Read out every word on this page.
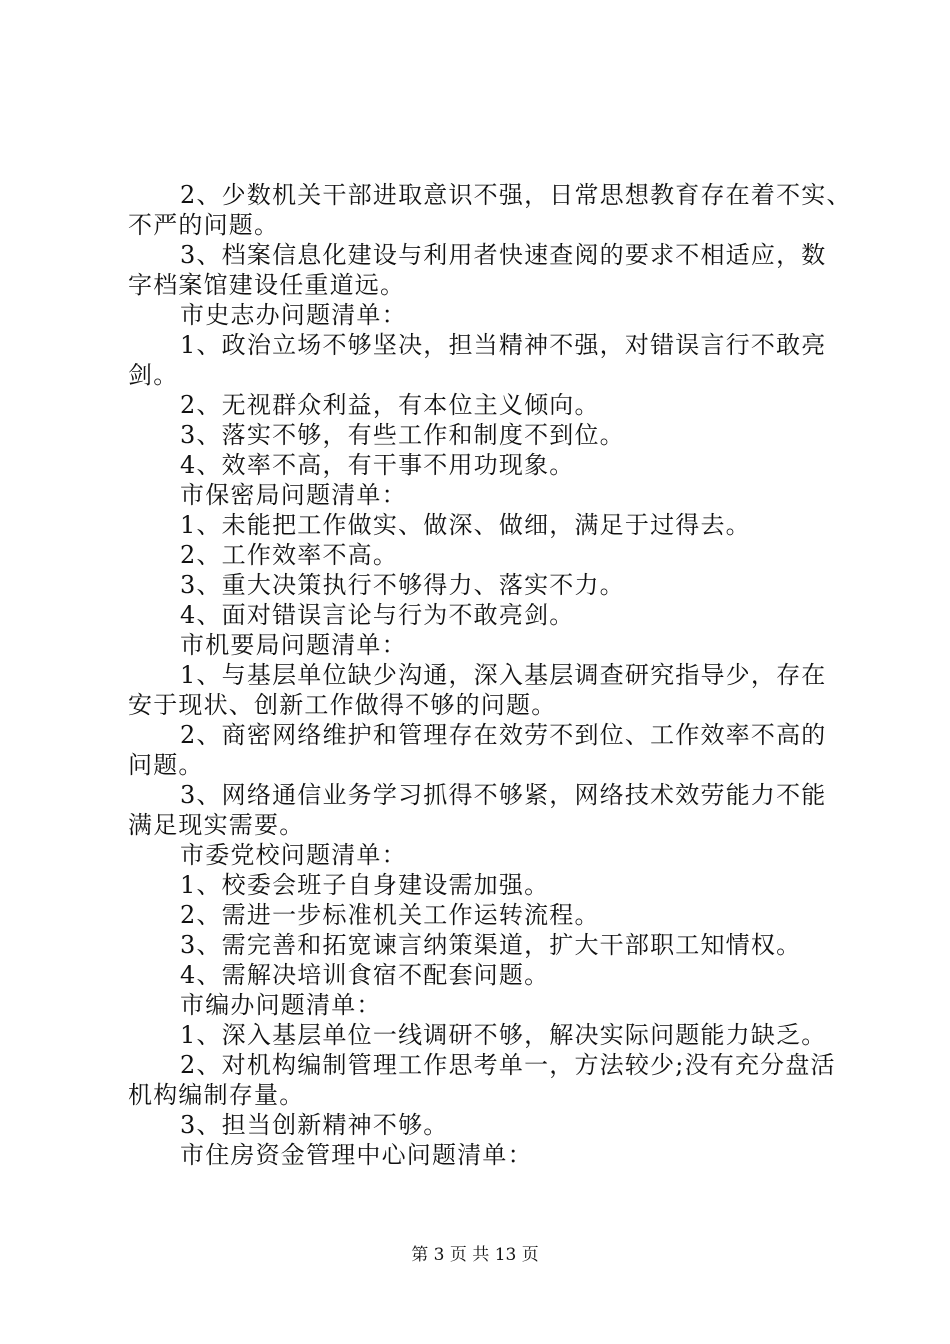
2、少数机关干部进取意识不强，日常思想教育存在着不实、
不严的问题。
3、档案信息化建设与利用者快速查阅的要求不相适应，数
字档案馆建设任重道远。
市史志办问题清单：
1、政治立场不够坚决，担当精神不强，对错误言行不敢亮
剑。
2、无视群众利益，有本位主义倾向。
3、落实不够，有些工作和制度不到位。
4、效率不高，有干事不用功现象。
市保密局问题清单：
1、未能把工作做实、做深、做细，满足于过得去。
2、工作效率不高。
3、重大决策执行不够得力、落实不力。
4、面对错误言论与行为不敢亮剑。
市机要局问题清单：
1、与基层单位缺少沟通，深入基层调查研究指导少，存在
安于现状、创新工作做得不够的问题。
2、商密网络维护和管理存在效劳不到位、工作效率不高的
问题。
3、网络通信业务学习抓得不够紧，网络技术效劳能力不能
满足现实需要。
市委党校问题清单：
1、校委会班子自身建设需加强。
2、需进一步标准机关工作运转流程。
3、需完善和拓宽谏言纳策渠道，扩大干部职工知情权。
4、需解决培训食宿不配套问题。
市编办问题清单：
1、深入基层单位一线调研不够，解决实际问题能力缺乏。
2、对机构编制管理工作思考单一，方法较少;没有充分盘活
机构编制存量。
3、担当创新精神不够。
市住房资金管理中心问题清单：
第 3 页 共 13 页
